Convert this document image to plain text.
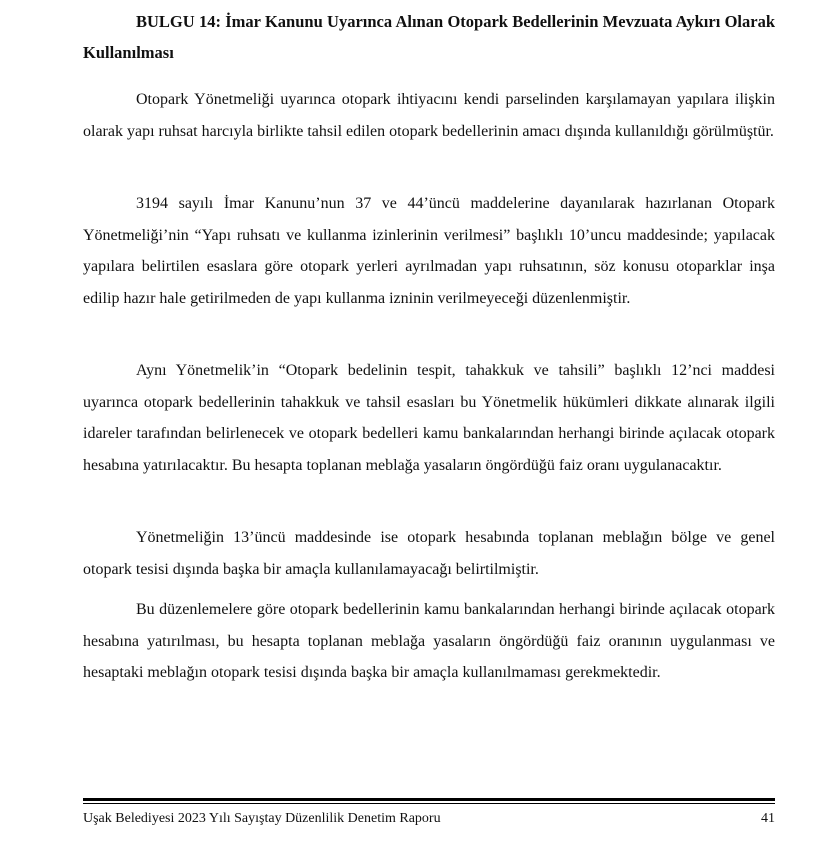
BULGU 14: İmar Kanunu Uyarınca Alınan Otopark Bedellerinin Mevzuata Aykırı Olarak Kullanılması

Otopark Yönetmeliği uyarınca otopark ihtiyacını kendi parselinden karşılamayan yapılara ilişkin olarak yapı ruhsat harcıyla birlikte tahsil edilen otopark bedellerinin amacı dışında kullanıldığı görülmüştür.

3194 sayılı İmar Kanunu’nun 37 ve 44’üncü maddelerine dayanılarak hazırlanan Otopark Yönetmeliği’nin “Yapı ruhsatı ve kullanma izinlerinin verilmesi” başlıklı 10’uncu maddesinde; yapılacak yapılara belirtilen esaslara göre otopark yerleri ayrılmadan yapı ruhsatının, söz konusu otoparklar inşa edilip hazır hale getirilmeden de yapı kullanma izninin verilmeyeceği düzenlenmiştir.

Aynı Yönetmelik’in “Otopark bedelinin tespit, tahakkuk ve tahsili” başlıklı 12’nci maddesi uyarınca otopark bedellerinin tahakkuk ve tahsil esasları bu Yönetmelik hükümleri dikkate alınarak ilgili idareler tarafından belirlenecek ve otopark bedelleri kamu bankalarından herhangi birinde açılacak otopark hesabına yatırılacaktır. Bu hesapta toplanan meblağa yasaların öngördüğü faiz oranı uygulanacaktır.

Yönetmeliğin 13’üncü maddesinde ise otopark hesabında toplanan meblağın bölge ve genel otopark tesisi dışında başka bir amaçla kullanılamayacağı belirtilmiştir.

Bu düzenlemelere göre otopark bedellerinin kamu bankalarından herhangi birinde açılacak otopark hesabına yatırılması, bu hesapta toplanan meblağa yasaların öngördüğü faiz oranının uygulanması ve hesaptaki meblağın otopark tesisi dışında başka bir amaçla kullanılmaması gerekmektedir.

Uşak Belediyesi 2023 Yılı Sayıştay Düzenlilik Denetim Raporu	41
